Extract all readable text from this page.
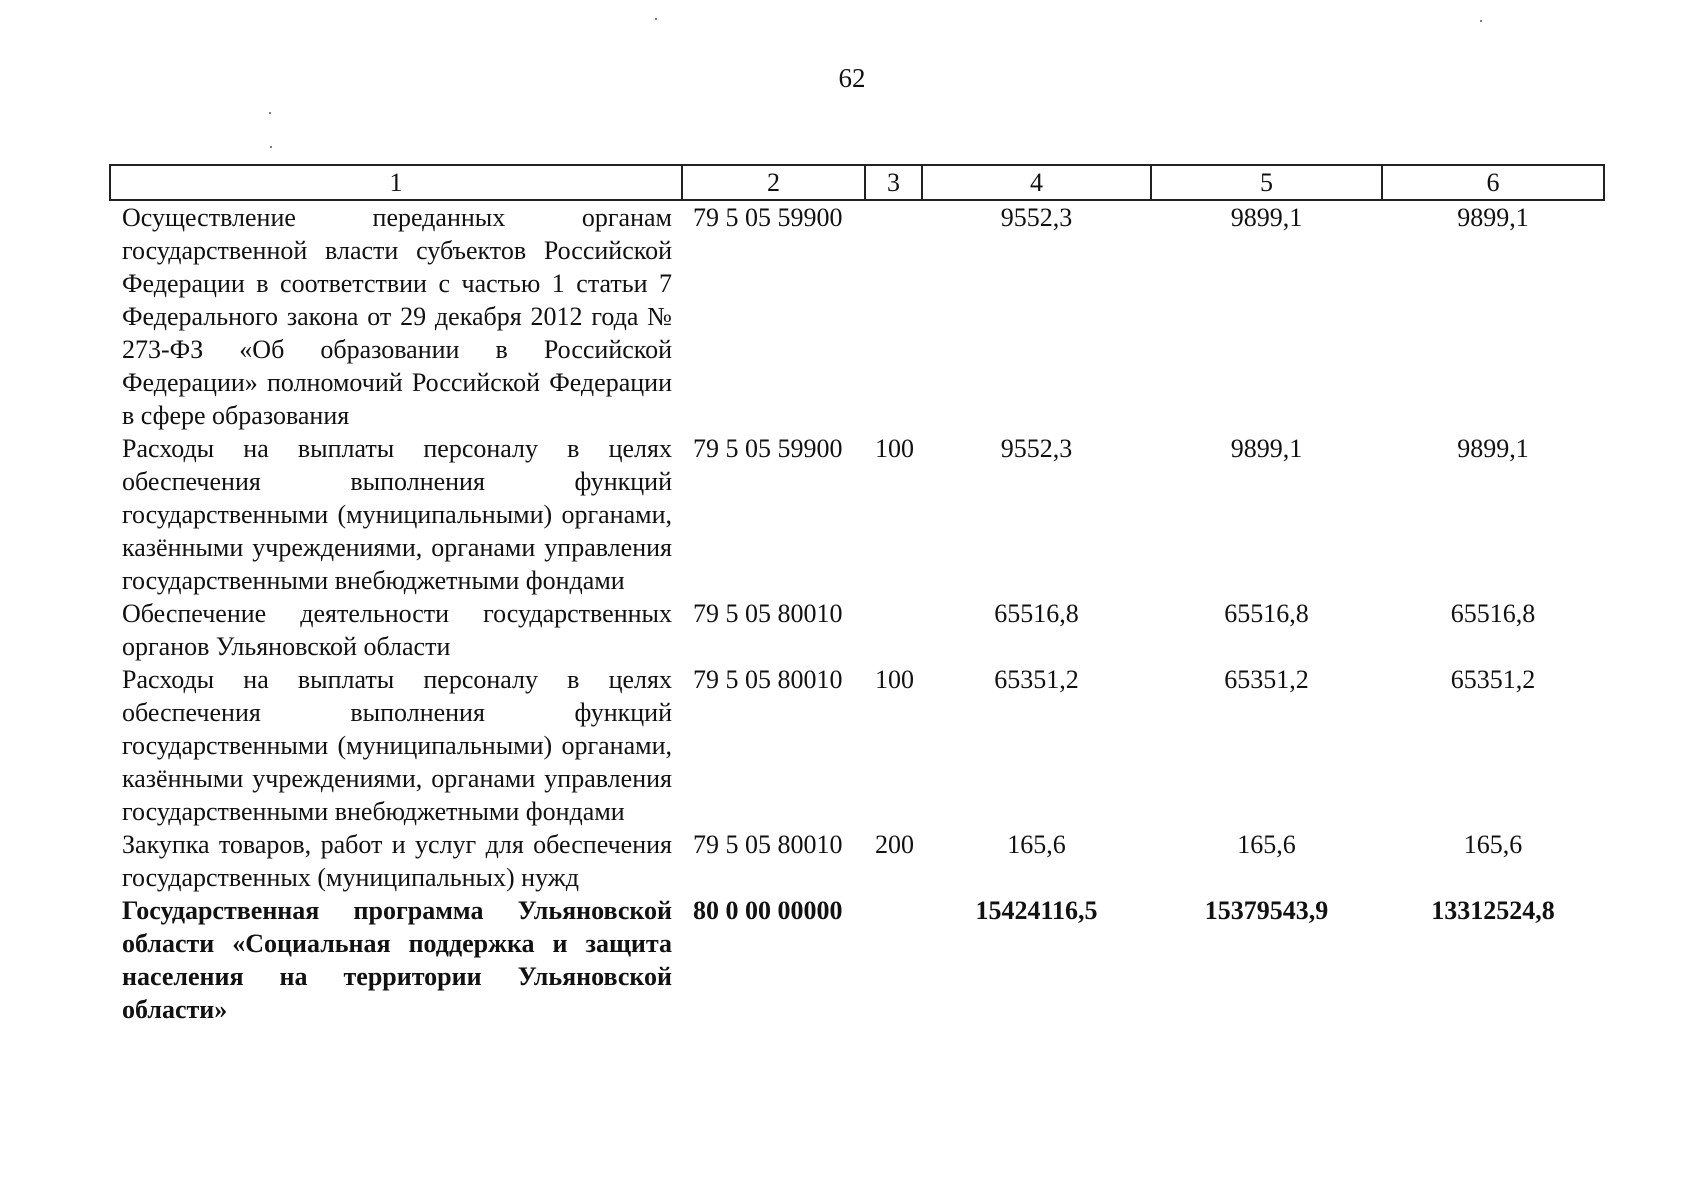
62
1	2	3	4	5	6
Осуществление переданных органам государственной власти субъектов Российской Федерации в соответствии с частью 1 статьи 7 Федерального закона от 29 декабря 2012 года № 273-ФЗ «Об образовании в Российской Федерации» полномочий Российской Федерации в сфере образования	79 5 05 59900		9552,3	9899,1	9899,1
Расходы на выплаты персоналу в целях обеспечения выполнения функций государственными (муниципальными) органами, казёнными учреждениями, органами управления государственными внебюджетными фондами	79 5 05 59900	100	9552,3	9899,1	9899,1
Обеспечение деятельности государственных органов Ульяновской области	79 5 05 80010		65516,8	65516,8	65516,8
Расходы на выплаты персоналу в целях обеспечения выполнения функций государственными (муниципальными) органами, казёнными учреждениями, органами управления государственными внебюджетными фондами	79 5 05 80010	100	65351,2	65351,2	65351,2
Закупка товаров, работ и услуг для обеспечения государственных (муниципальных) нужд	79 5 05 80010	200	165,6	165,6	165,6
Государственная программа Ульяновской области «Социальная поддержка и защита населения на территории Ульяновской области»	80 0 00 00000		15424116,5	15379543,9	13312524,8
